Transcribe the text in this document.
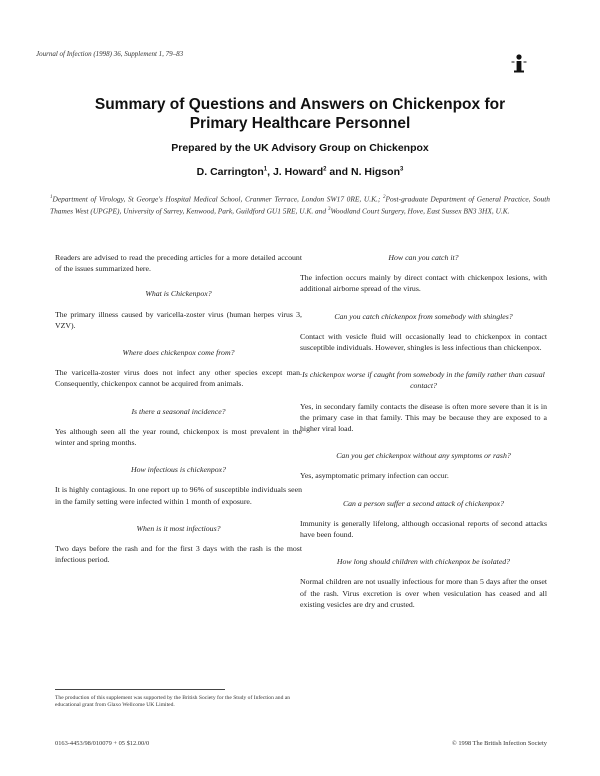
Journal of Infection (1998) 36, Supplement 1, 79–83
Summary of Questions and Answers on Chickenpox for
Primary Healthcare Personnel
Prepared by the UK Advisory Group on Chickenpox
D. Carrington$^1$, J. Howard$^2$ and N. Higson$^3$
$^1$Department of Virology, St George's Hospital Medical School, Cranmer Terrace, London SW17 0RE, U.K.; $^2$Post-graduate Department of General Practice, South Thames West (UPGPE), University of Surrey, Kenwood, Park, Guildford GU1 5RE, U.K. and $^3$Woodland Court Surgery, Hove, East Sussex BN3 3HX, U.K.

Readers are advised to read the preceding articles for a more detailed account of the issues summarized here.

What is Chickenpox?

The primary illness caused by varicella-zoster virus (human herpes virus 3, VZV).

Where does chickenpox come from?

The varicella-zoster virus does not infect any other species except man. Consequently, chickenpox cannot be acquired from animals.

Is there a seasonal incidence?

Yes although seen all the year round, chickenpox is most prevalent in the winter and spring months.

How infectious is chickenpox?

It is highly contagious. In one report up to 96% of susceptible individuals seen in the family setting were infected within 1 month of exposure.

When is it most infectious?

Two days before the rash and for the first 3 days with the rash is the most infectious period.

How can you catch it?

The infection occurs mainly by direct contact with chickenpox lesions, with additional airborne spread of the virus.

Can you catch chickenpox from somebody with shingles?

Contact with vesicle fluid will occasionally lead to chickenpox in contact susceptible individuals. However, shingles is less infectious than chickenpox.

Is chickenpox worse if caught from somebody in the family rather than casual contact?

Yes, in secondary family contacts the disease is often more severe than it is in the primary case in that family. This may be because they are exposed to a higher viral load.

Can you get chickenpox without any symptoms or rash?

Yes, asymptomatic primary infection can occur.

Can a person suffer a second attack of chickenpox?

Immunity is generally lifelong, although occasional reports of second attacks have been found.

How long should children with chickenpox be isolated?

Normal children are not usually infectious for more than 5 days after the onset of the rash. Virus excretion is over when vesiculation has ceased and all existing vesicles are dry and crusted.

The production of this supplement was supported by the British Society for the Study of Infection and an educational grant from Glaxo Wellcome UK Limited.
0163-4453/98/010079 + 05 $12.00/0	© 1998 The British Infection Society
